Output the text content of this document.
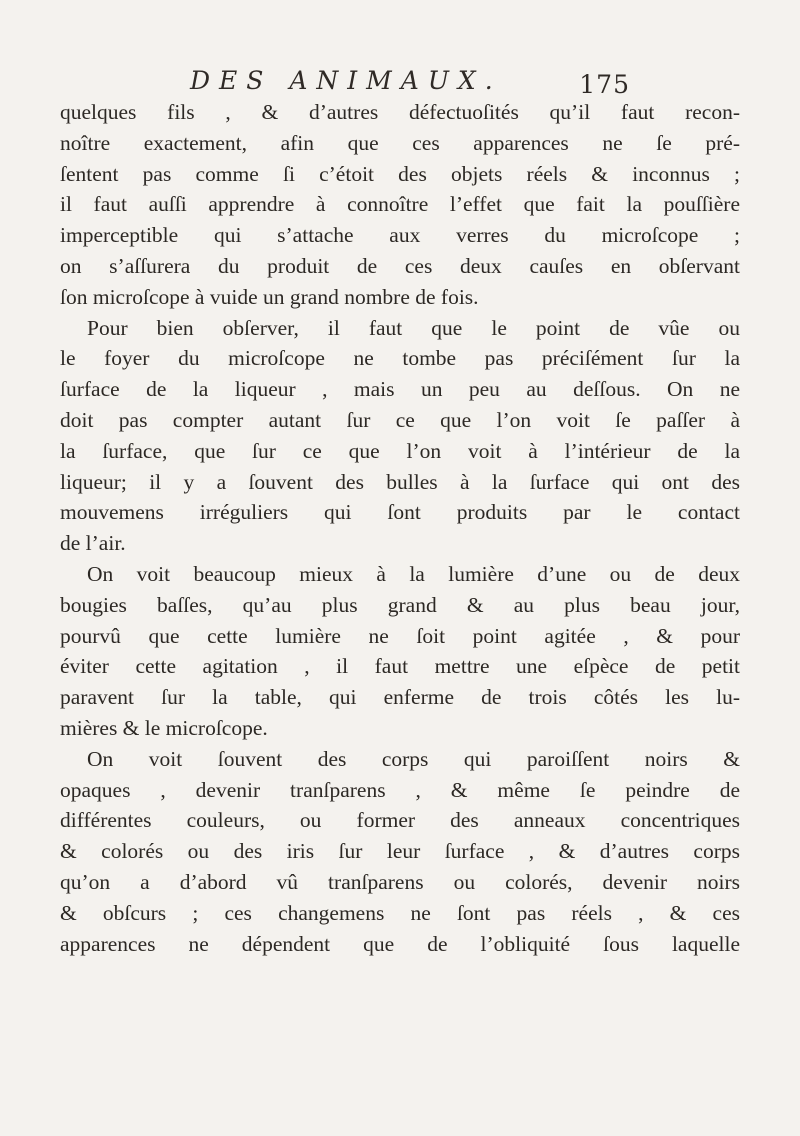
DES ANIMAUX.	175
quelques fils , & d’autres défectuoſités qu’il faut recon-
noître exactement, afin que ces apparences ne ſe pré-
ſentent pas comme ſi c’étoit des objets réels & inconnus ;
il faut auſſi apprendre à connoître l’effet que fait la pouſſière
imperceptible qui s’attache aux verres du microſcope ;
on s’aſſurera du produit de ces deux cauſes en obſervant
ſon microſcope à vuide un grand nombre de fois.
Pour bien obſerver, il faut que le point de vûe ou
le foyer du microſcope ne tombe pas préciſément ſur la
ſurface de la liqueur , mais un peu au deſſous. On ne
doit pas compter autant ſur ce que l’on voit ſe paſſer à
la ſurface, que ſur ce que l’on voit à l’intérieur de la
liqueur; il y a ſouvent des bulles à la ſurface qui ont des
mouvemens irréguliers qui ſont produits par le contact
de l’air.
On voit beaucoup mieux à la lumière d’une ou de deux
bougies baſſes, qu’au plus grand & au plus beau jour,
pourvû que cette lumière ne ſoit point agitée , & pour
éviter cette agitation , il faut mettre une eſpèce de petit
paravent ſur la table, qui enferme de trois côtés les lu-
mières & le microſcope.
On voit ſouvent des corps qui paroiſſent noirs &
opaques , devenir tranſparens , & même ſe peindre de
différentes couleurs, ou former des anneaux concentriques
& colorés ou des iris ſur leur ſurface , & d’autres corps
qu’on a d’abord vû tranſparens ou colorés, devenir noirs
& obſcurs ; ces changemens ne ſont pas réels , & ces
apparences ne dépendent que de l’obliquité ſous laquelle
